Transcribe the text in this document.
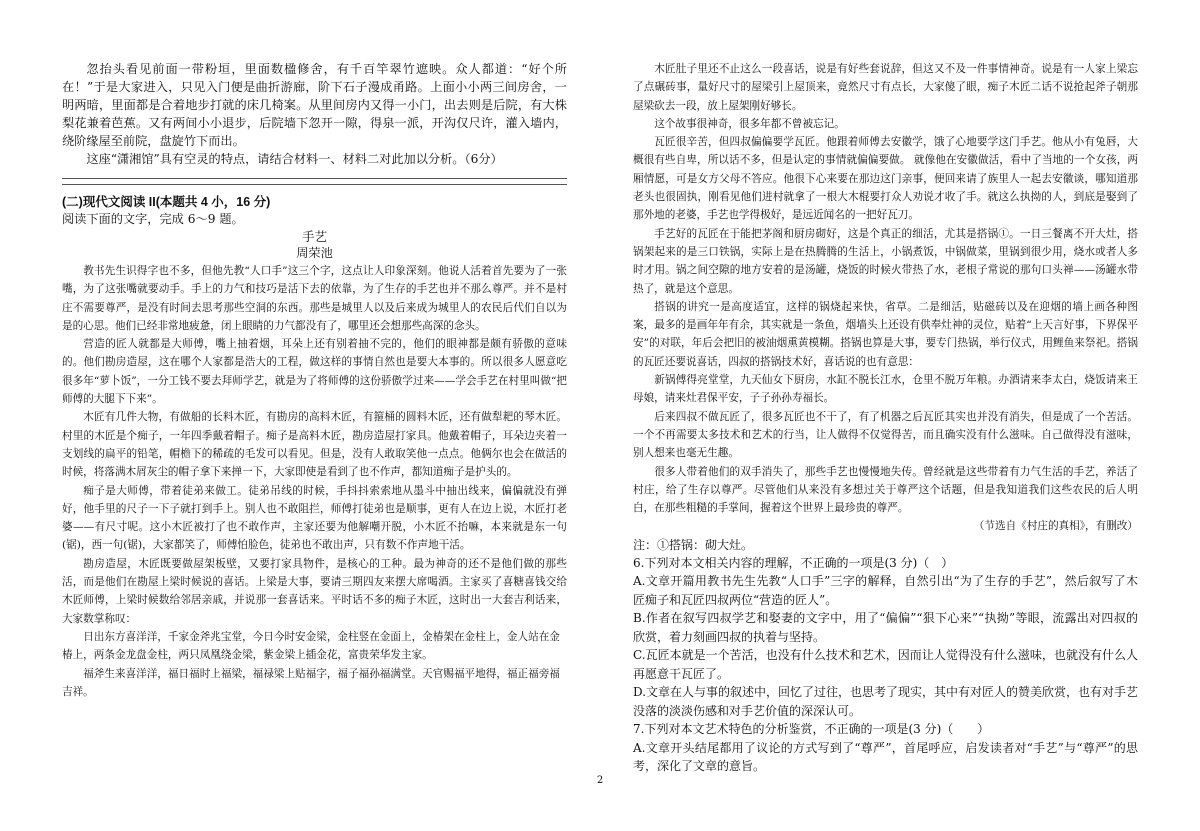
忽抬头看见前面一带粉垣，里面数楹修舍，有千百竿翠竹遮映。众人都道：“好个所在！”于是大家进入，只见入门便是曲折游廊，阶下石子漫成甬路。上面小小两三间房舍，一明两暗，里面都是合着地步打就的床几椅案。从里间房内又得一小门，出去则是后院，有大株梨花兼着芭蕉。又有两间小小退步，后院墙下忽开一隙，得泉一派，开沟仅尺许，灌入墙内，绕阶缘屋至前院，盘旋竹下而出。

这座“潇湘馆”具有空灵的特点，请结合材料一、材料二对此加以分析。（6分）

(二)现代文阅读 II(本题共 4 小，16 分)

阅读下面的文字，完成 6～9 题。

手艺

周荣池

教书先生识得字也不多，但他先教“人口手”这三个字，这点让人印象深刻。他说人活着首先要为了一张嘴，为了这张嘴就要动手。手上的力气和技巧是活下去的依靠，为了生存的手艺也并不那么尊严。并不是村庄不需要尊严，是没有时间去思考那些空洞的东西。那些是城里人以及后来成为城里人的农民后代们自以为是的心思。他们已经非常地疲惫，闭上眼睛的力气都没有了，哪里还会想那些高深的念头。

营造的匠人就都是大师傅，嘴上抽着烟，耳朵上还有别着抽不完的，他们的眼神都是颇有骄傲的意味的。他们勘房造屋，这在哪个人家都是浩大的工程，做这样的事情自然也是要大本事的。所以很多人愿意吃很多年“萝卜饭”，一分工钱不要去拜师学艺，就是为了将师傅的这份骄傲学过来——学会手艺在村里叫做“把师傅的大腿下下来”。

木匠有几件大物，有做船的长料木匠，有勘房的高料木匠，有箍桶的圆料木匠，还有做犁耙的琴木匠。村里的木匠是个痴子，一年四季戴着帽子。痴子是高料木匠，勘房造屋打家具。他戴着帽子，耳朵边夹着一支划线的扁平的铅笔，帽檐下的稀疏的毛发可以看见。但是，没有人敢取笑他一点点。他俩尔也会在做活的时候，将落满木屑灰尘的帽子拿下来掸一下，大家即使是看到了也不作声，都知道痴子是护头的。

痴子是大师傅，带着徒弟来做工。徒弟吊线的时候，手抖抖索索地从墨斗中抽出线来，偏偏就没有弹好，他手里的尺子一下子就打到手上。别人也不敢阻拦，师傅打徒弟也是顺事，更有人在边上说，木匠打老婆——有尺寸呢。这小木匠被打了也不敢作声，主家还要为他解嘲开脱，小木匠不抬嘛，本来就是东一句(锯)，西一句(锯)，大家都笑了，师傅怕脸色，徒弟也不敢出声，只有数不作声地干活。

勘房造屋，木匠既要做屋架板壁，又要打家具物件，是核心的工种。最为神奇的还不是他们做的那些活，而是他们在勘屋上梁时候说的喜话。上梁是大事，要请三期四友来摆大席喝酒。主家买了喜糖喜钱交给木匠师傅，上梁时候数给邻居亲戚，并说那一套喜话来。平时话不多的痴子木匠，这时出一大套吉利话来，大家数掌称叹：

日出东方喜洋洋，千家金斧兆宝堂，今日今时安金梁，金柱竖在金面上，金椿架在金柱上，金人站在金椿上，两条金龙盘金柱，两只凤凰绕金梁，紫金梁上插金花，富贵荣华发主家。

福斧生来喜洋洋，福日福时上福梁，福禄梁上贴福字，福子福孙福满堂。天官赐福平地得，福正福旁福吉祥。

木匠肚子里还不止这么一段喜话，说是有好些套说辞，但这又不及一件事情神奇。说是有一人家上梁忘了点碾砖事，量好尺寸的屋梁引上屋顶来，竟然尺寸有点长，大家傻了眼，痴子木匠二话不说抢起斧子朝那屋梁砍去一段，放上屋架刚好够长。

这个故事很神奇，很多年都不曾被忘记。

瓦匠很辛苦，但四叔偏偏要学瓦匠。他跟着师傅去安徽学，饿了心地要学这门手艺。他从小有兔唇，大概很有些自卑，所以话不多，但是认定的事情就偏偏要做。 就像他在安徽做活，看中了当地的一个女孩，两厢情愿，可是女方父母不答应。他很下心来要在那边这门亲事，便回来请了族里人一起去安徽谈，哪知道那老头也很固执，刚看见他们进村就拿了一根大木棍要打众人劝说才收了手。就这么执拗的人，到底是娶到了那外地的老婆，手艺也学得极好，是远近闻名的一把好瓦刀。

手艺好的瓦匠在于能把茅阁和厨房砌好，这是个真正的细活，尤其是搭锅①。一日三餐离不开大灶，搭锅架起来的是三口铁锅，实际上是在热腾腾的生活上，小锅煮饭，中锅做菜，里锅到很少用，烧水或者人多时才用。锅之间空隙的地方安着的是汤罐，烧饭的时候火带热了水，老根子常说的那句口头禅——汤罐水带热了，就是这个意思。

搭锅的讲究一是高度适宜，这样的锅烧起来快，省草。二是细活，贴磁砖以及在迎烟的墙上画各种图案，最多的是画年年有余，其实就是一条鱼，烟墙头上还设有供奉灶神的灵位，贴着“上天言好事，下界保平安”的对联，年后会把旧的被油烟熏黄模糊。搭锅也算是大事，要专门热锅，举行仪式，用鲤鱼来祭祀。搭锅的瓦匠还要说喜话，四叔的搭锅技术好，喜话说的也有意思：

新锅傅得亮堂堂，九天仙女下厨房，水缸不脱长江水，仓里不脱万年粮。办酒请来李太白，烧饭请来王母娘，请来灶君保平安，子子孙孙寿福长。

后来四叔不做瓦匠了，很多瓦匠也不干了，有了机器之后瓦匠其实也并没有消失，但是成了一个苦活。一个不再需要太多技术和艺术的行当，让人做得不仅觉得苦，而且确实没有什么滋味。自己做得没有滋味，别人想来也毫无生趣。

很多人带着他们的双手消失了，那些手艺也慢慢地失传。曾经就是这些带着有力气生活的手艺，养活了村庄，给了生存以尊严。尽管他们从来没有多想过关于尊严这个话题，但是我知道我们这些农民的后人明白，在那些粗糙的手掌间，握着这个世界上最珍贵的尊严。

（节选自《村庄的真相》，有删改）

注：①搭锅：砌大灶。

6.下列对本文相关内容的理解，不正确的一项是(3 分)（　）

A.文章开篇用教书先生先教“人口手”三字的解释，自然引出“为了生存的手艺”，然后叙写了木匠痴子和瓦匠四叔两位“营造的匠人”。

B.作者在叙写四叔学艺和娶妻的文字中，用了“偏偏”“狠下心来”“执拗”等眼，流露出对四叔的欣赏，着力刻画四叔的执着与坚持。

C.瓦匠本就是一个苦活，也没有什么技术和艺术，因而让人觉得没有什么滋味，也就没有什么人再愿意干瓦匠了。

D.文章在人与事的叙述中，回忆了过往，也思考了现实，其中有对匠人的赞美欣赏，也有对手艺没落的淡淡伤感和对手艺价值的深深认可。

7.下列对本文艺术特色的分析鉴赏，不正确的一项是(3 分)（　　）

A.文章开头结尾都用了议论的方式写到了“尊严”，首尾呼应，启发读者对“手艺”与“尊严”的思考，深化了文章的意旨。

2
